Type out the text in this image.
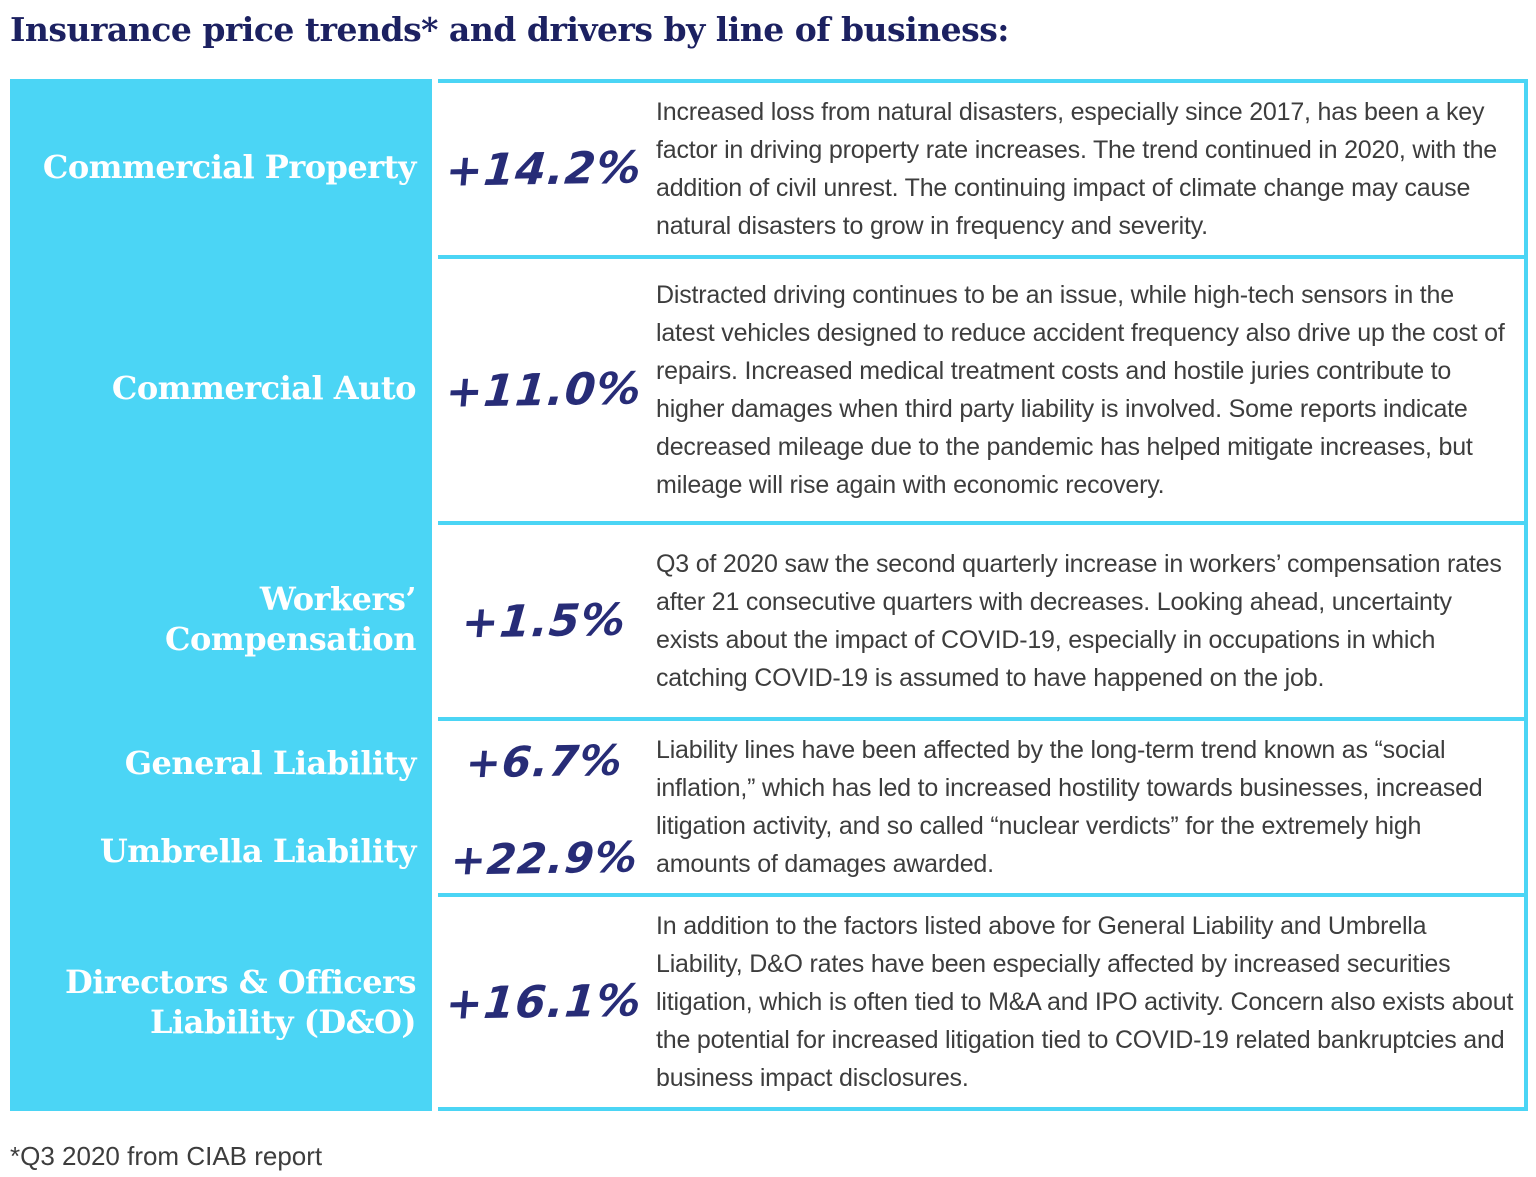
Insurance price trends* and drivers by line of business:
Commercial Property +14.2%
Increased loss from natural disasters, especially since 2017, has been a key factor in driving property rate increases. The trend continued in 2020, with the addition of civil unrest. The continuing impact of climate change may cause natural disasters to grow in frequency and severity.
Commercial Auto +11.0%
Distracted driving continues to be an issue, while high-tech sensors in the latest vehicles designed to reduce accident frequency also drive up the cost of repairs. Increased medical treatment costs and hostile juries contribute to higher damages when third party liability is involved. Some reports indicate decreased mileage due to the pandemic has helped mitigate increases, but mileage will rise again with economic recovery.
Workers’ Compensation +1.5%
Q3 of 2020 saw the second quarterly increase in workers’ compensation rates after 21 consecutive quarters with decreases. Looking ahead, uncertainty exists about the impact of COVID-19, especially in occupations in which catching COVID-19 is assumed to have happened on the job.
General Liability
Umbrella Liability
+6.7%
+22.9%
Liability lines have been affected by the long-term trend known as “social inflation,” which has led to increased hostility towards businesses, increased litigation activity, and so called “nuclear verdicts” for the extremely high amounts of damages awarded.
Directors & Officers Liability (D&O) +16.1%
In addition to the factors listed above for General Liability and Umbrella Liability, D&O rates have been especially affected by increased securities litigation, which is often tied to M&A and IPO activity. Concern also exists about the potential for increased litigation tied to COVID-19 related bankruptcies and business impact disclosures.
*Q3 2020 from CIAB report
